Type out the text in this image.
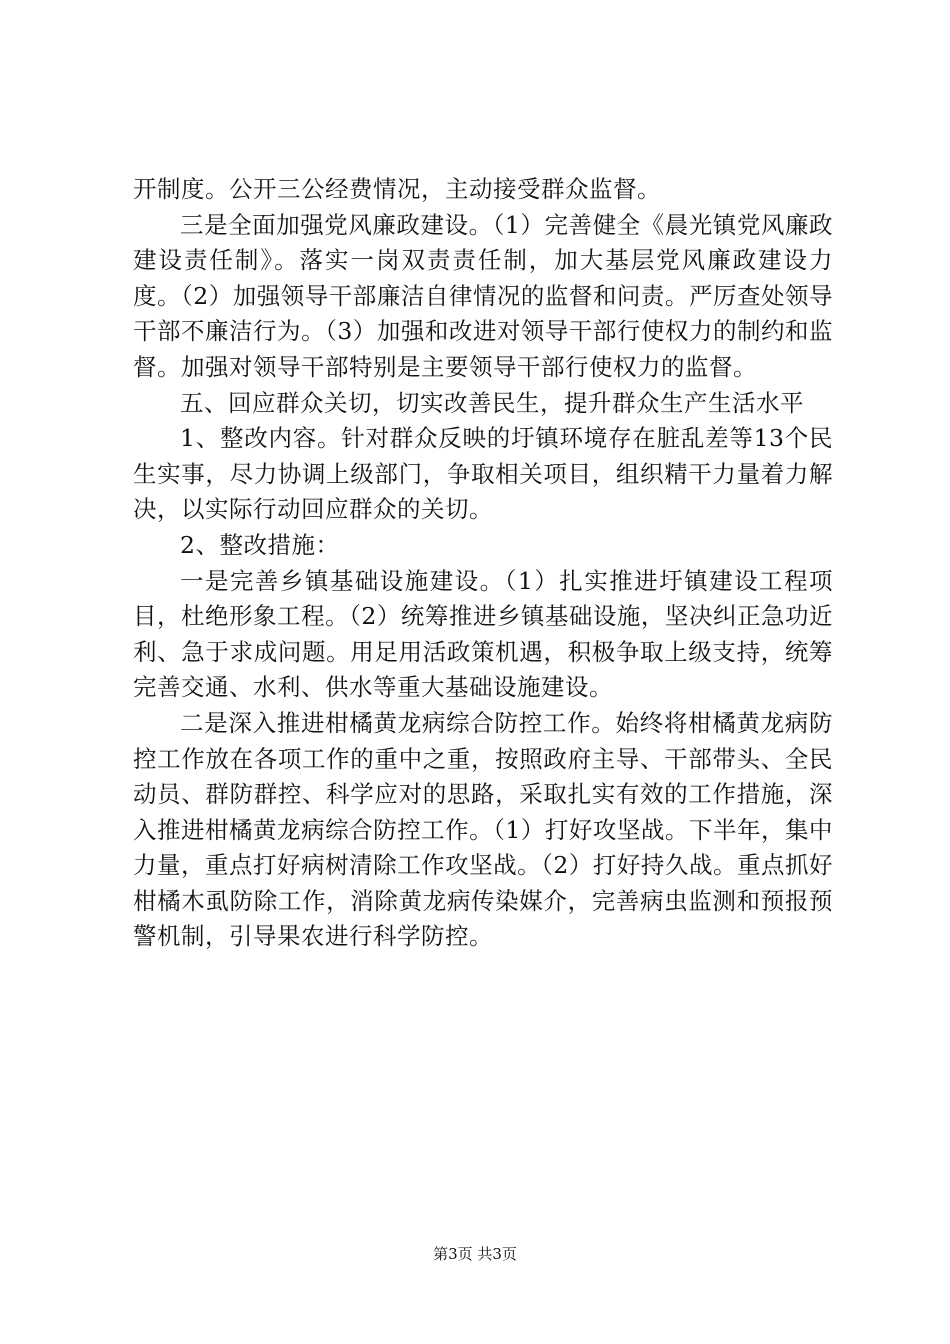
开制度。公开三公经费情况，主动接受群众监督。

三是全面加强党风廉政建设。（1）完善健全《晨光镇党风廉政建设责任制》。落实一岗双责责任制，加大基层党风廉政建设力度。（2）加强领导干部廉洁自律情况的监督和问责。严厉查处领导干部不廉洁行为。（3）加强和改进对领导干部行使权力的制约和监督。加强对领导干部特别是主要领导干部行使权力的监督。

五、回应群众关切，切实改善民生，提升群众生产生活水平

1、整改内容。针对群众反映的圩镇环境存在脏乱差等13个民生实事，尽力协调上级部门，争取相关项目，组织精干力量着力解决，以实际行动回应群众的关切。

2、整改措施：

一是完善乡镇基础设施建设。（1）扎实推进圩镇建设工程项目，杜绝形象工程。（2）统筹推进乡镇基础设施，坚决纠正急功近利、急于求成问题。用足用活政策机遇，积极争取上级支持，统筹完善交通、水利、供水等重大基础设施建设。

二是深入推进柑橘黄龙病综合防控工作。始终将柑橘黄龙病防控工作放在各项工作的重中之重，按照政府主导、干部带头、全民动员、群防群控、科学应对的思路，采取扎实有效的工作措施，深入推进柑橘黄龙病综合防控工作。（1）打好攻坚战。下半年，集中力量，重点打好病树清除工作攻坚战。（2）打好持久战。重点抓好柑橘木虱防除工作，消除黄龙病传染媒介，完善病虫监测和预报预警机制，引导果农进行科学防控。

第3页 共3页
